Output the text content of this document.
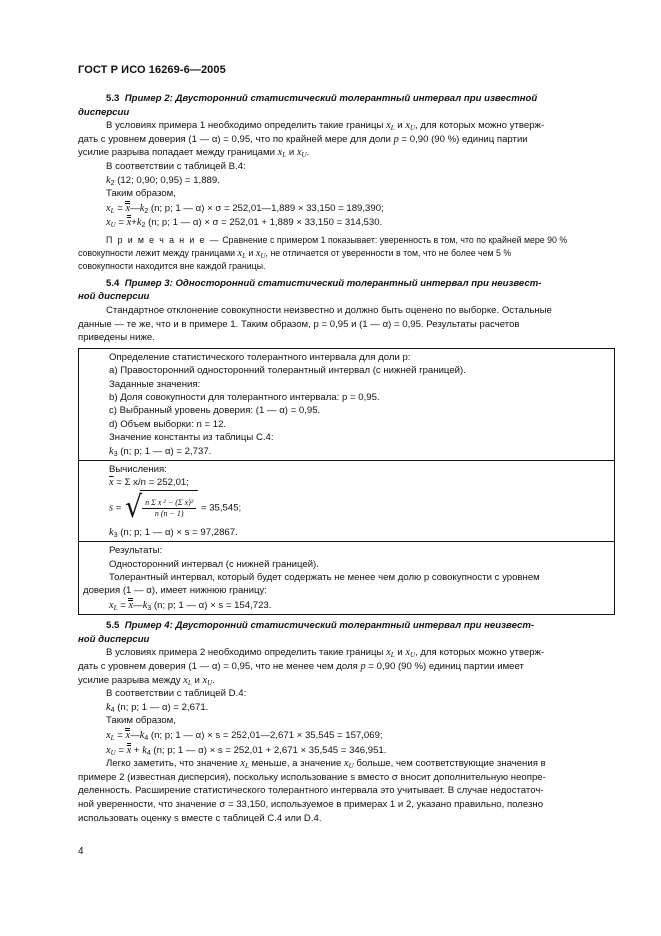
ГОСТ Р ИСО 16269-6—2005
5.3 Пример 2: Двусторонний статистический толерантный интервал при известной
дисперсии
В условиях примера 1 необходимо определить такие границы $x_L$ и $x_U$, для которых можно утверж-
дать с уровнем доверия (1 — α) = 0,95, что по крайней мере для доли p = 0,90 (90 %) единиц партии
усилие разрыва попадает между границами $x_L$ и $x_U$.
В соответствии с таблицей В.4:
$k_2$ (12; 0,90; 0,95) = 1,889.
Таким образом,
$x_L$ = $x—k_2$ (n; p; 1 — α) × σ = 252,01—1,889 × 33,150 = 189,390;
$x_U = x+k_2$ (n; p; 1 — α) × σ = 252,01 + 1,889 × 33,150 = 314,530.
П р и м е ч а н и е — Сравнение с примером 1 показывает: уверенность в том, что по крайней мере 90 %
совокупности лежит между границами $x_L$ и $x_U$, не отличается от уверенности в том, что не более чем 5 %
совокупности находится вне каждой границы.
5.4 Пример 3: Односторонний статистический толерантный интервал при неизвест-
ной дисперсии
Стандартное отклонение совокупности неизвестно и должно быть оценено по выборке. Остальные
данные — те же, что и в примере 1. Таким образом, p = 0,95 и (1 — α) = 0,95. Результаты расчетов
приведены ниже.
Определение статистического толерантного интервала для доли p:
a) Правосторонний односторонний толерантный интервал (с нижней границей).
Заданные значения:
b) Доля совокупности для толерантного интервала: p = 0,95.
c) Выбранный уровень доверия: (1 — α) = 0,95.
d) Объем выборки: n = 12.
Значение константы из таблицы С.4:
$k_3$ (n; p; 1 — α) = 2,737.
Вычисления:
$\overline{x} = \Sigma$ x/n = 252,01;
s = √ $\frac{\text{n Σ x ² − (Σ x)²}}{n (n - 1)} = 35,545$;
$k_3$ (n; p; 1 — α) × s = 97,2867.
Результаты:
Односторонний интервал (с нижней границей).
Толерантный интервал, который будет содержать не менее чем долю p совокупности с уровнем
доверия (1 — α), имеет нижнюю границу:
$x_L$ = $x—k_3$ (n; p; 1 — α) × s = 154,723.
5.5 Пример 4: Двусторонний статистический толерантный интервал при неизвест-
ной дисперсии
В условиях примера 2 необходимо определить такие границы $x_L$ и $x_U$, для которых можно утверж-
дать с уровнем доверия (1 — α) = 0,95, что не менее чем доля p = 0,90 (90 %) единиц партии имеет
усилие разрыва между $x_L$ и $x_U$.
В соответствии с таблицей D.4:
$k_4$ (n; p; 1 — α) = 2,671.
Таким образом,
$x_L$ = $x—k_4$ (n; p; 1 — α) × s = 252,01—2,671 × 35,545 = 157,069;
$x_U = x + k_4$ (n; p; 1 — α) × s = 252,01 + 2,671 × 35,545 = 346,951.
Легко заметить, что значение $x_L$ меньше, а значение $x_U$ больше, чем соответствующие значения в
примере 2 (известная дисперсия), поскольку использование s вместо σ вносит дополнительную неопре-
деленность. Расширение статистического толерантного интервала это учитывает. В случае недостаточ-
ной уверенности, что значение σ = 33,150, используемое в примерах 1 и 2, указано правильно, полезно
использовать оценку s вместе с таблицей С.4 или D.4.
4
